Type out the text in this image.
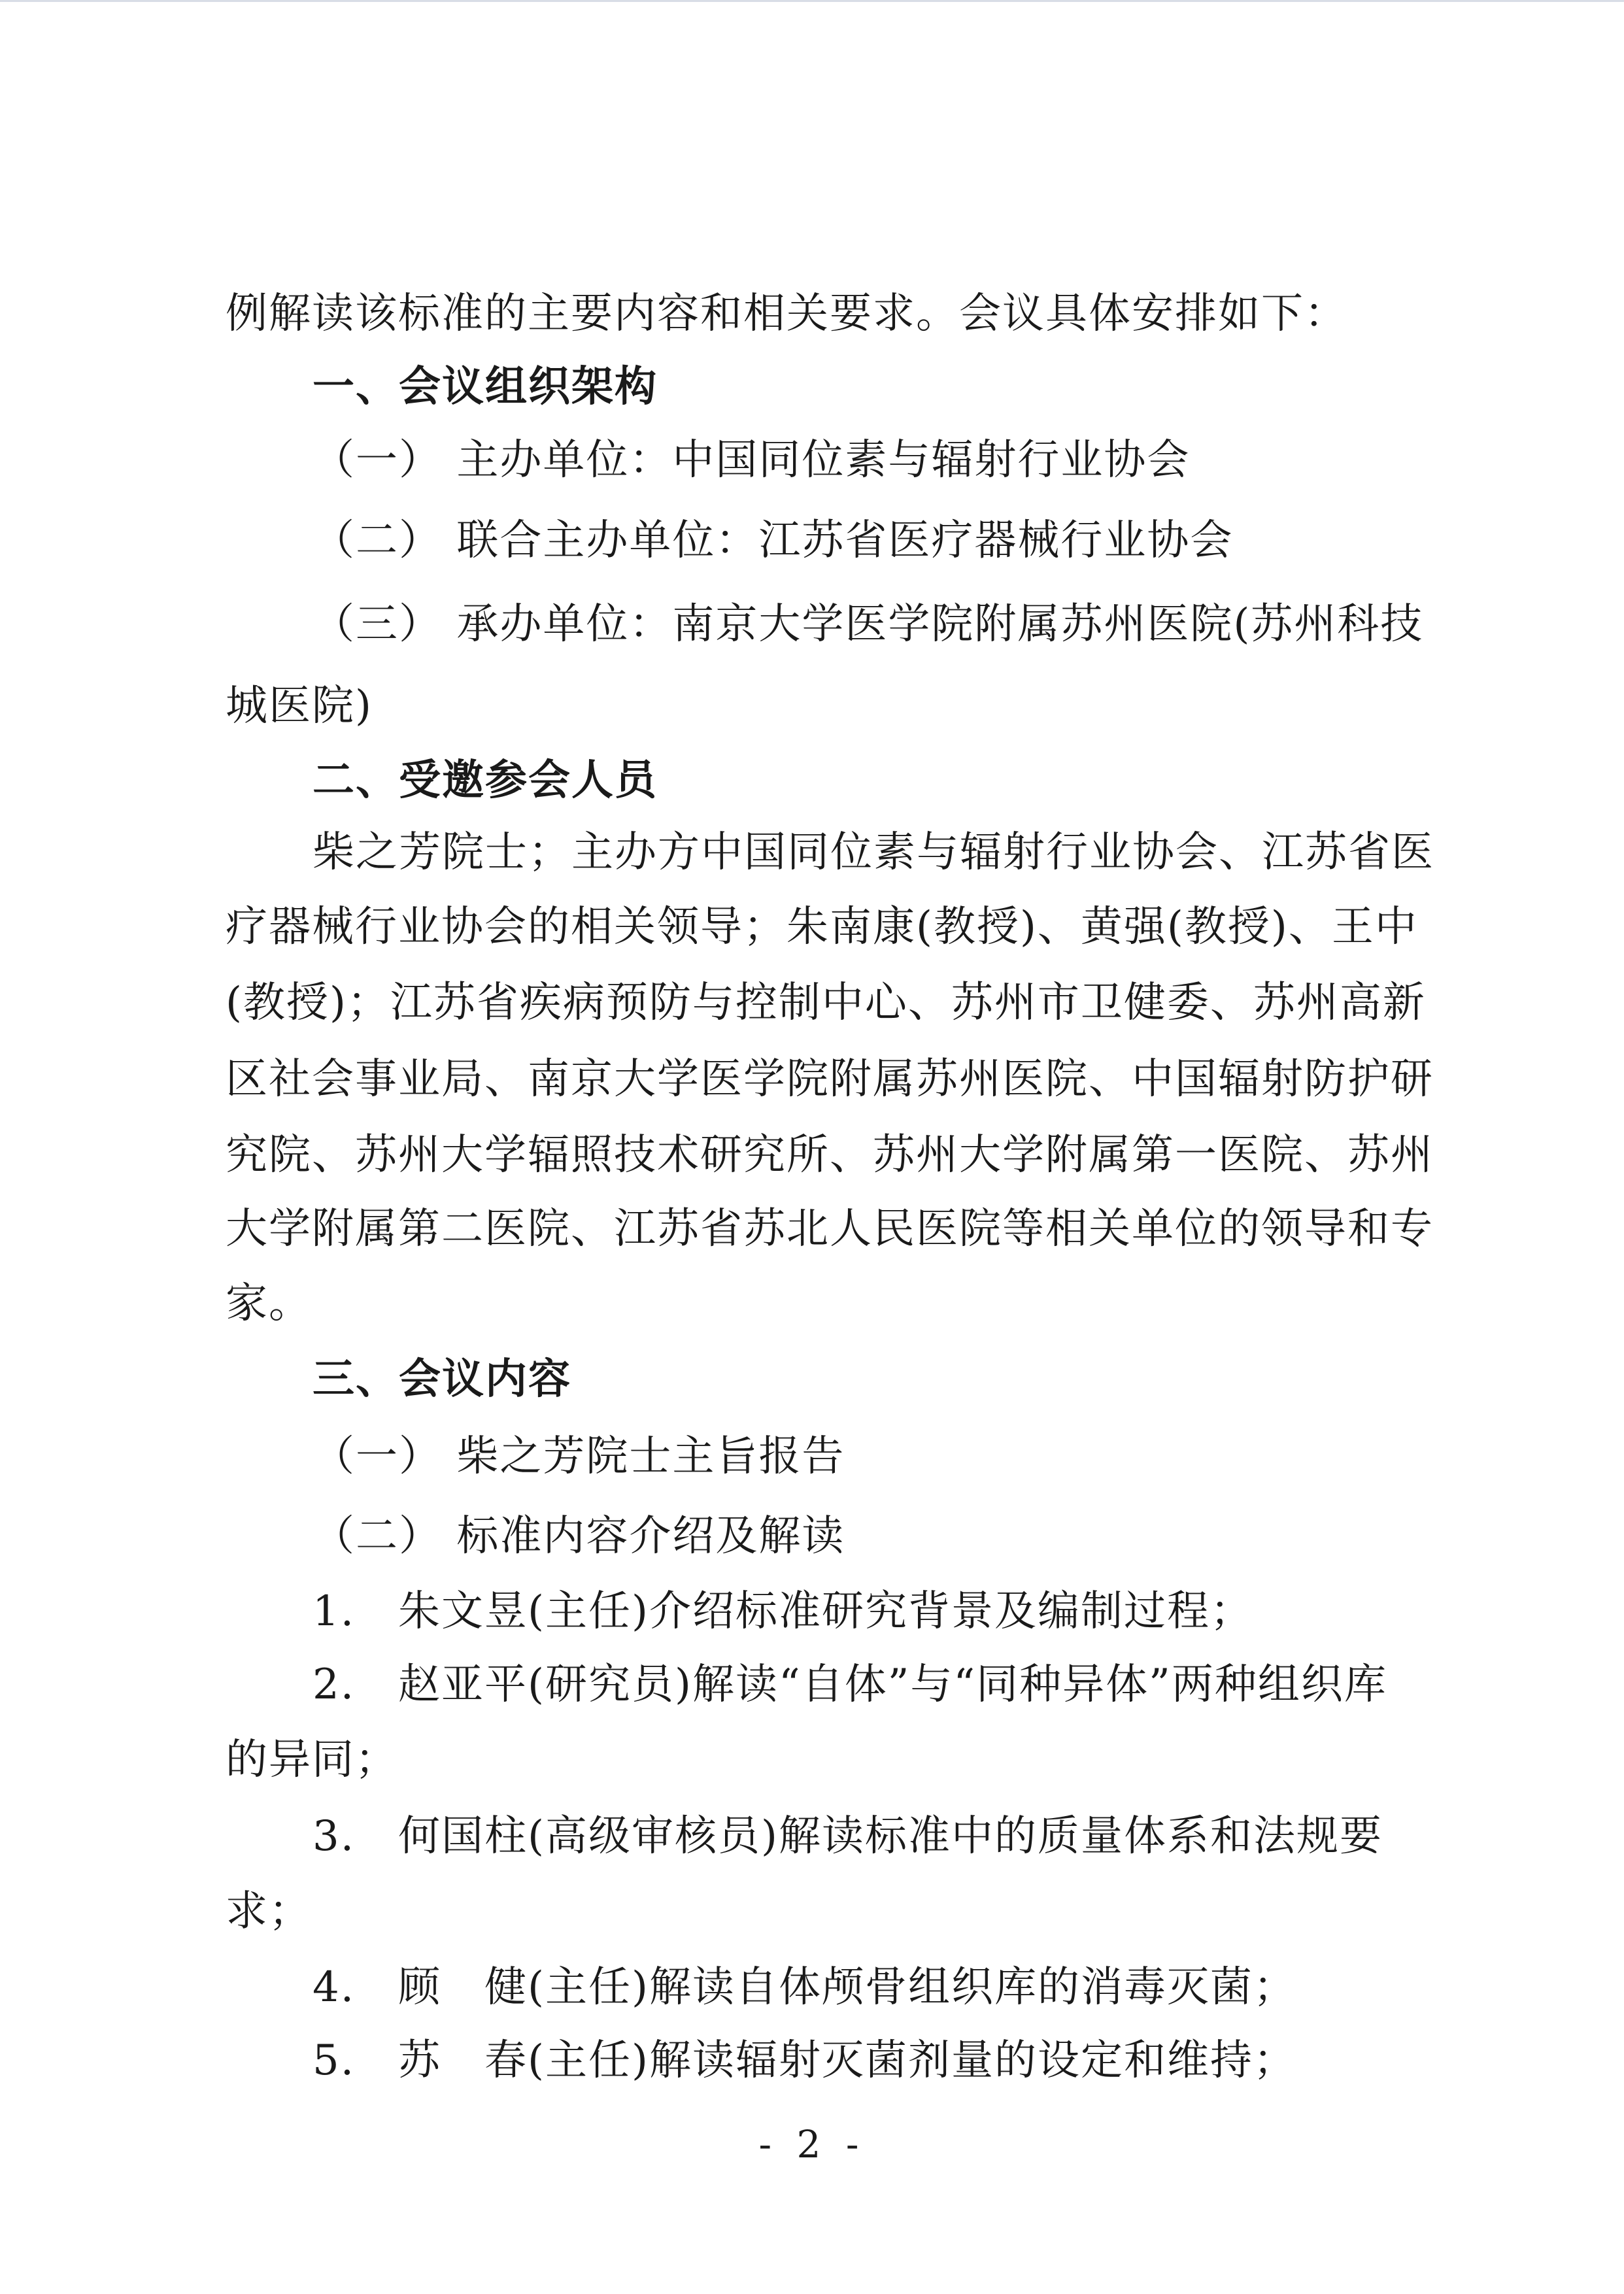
例解读该标准的主要内容和相关要求。会议具体安排如下：
一、会议组织架构
（一） 主办单位：中国同位素与辐射行业协会
（二） 联合主办单位：江苏省医疗器械行业协会
（三） 承办单位：南京大学医学院附属苏州医院(苏州科技
城医院)
二、受邀参会人员
柴之芳院士；主办方中国同位素与辐射行业协会、江苏省医
疗器械行业协会的相关领导；朱南康(教授)、黄强(教授)、王中
(教授)；江苏省疾病预防与控制中心、苏州市卫健委、苏州高新
区社会事业局、南京大学医学院附属苏州医院、中国辐射防护研
究院、苏州大学辐照技术研究所、苏州大学附属第一医院、苏州
大学附属第二医院、江苏省苏北人民医院等相关单位的领导和专
家。
三、会议内容
（一） 柴之芳院士主旨报告
（二） 标准内容介绍及解读
1.　朱文昱(主任)介绍标准研究背景及编制过程；
2.　赵亚平(研究员)解读“自体”与“同种异体”两种组织库
的异同；
3.　何国柱(高级审核员)解读标准中的质量体系和法规要
求；
4.　顾　健(主任)解读自体颅骨组织库的消毒灭菌；
5.　苏　春(主任)解读辐射灭菌剂量的设定和维持；
- 2 -
